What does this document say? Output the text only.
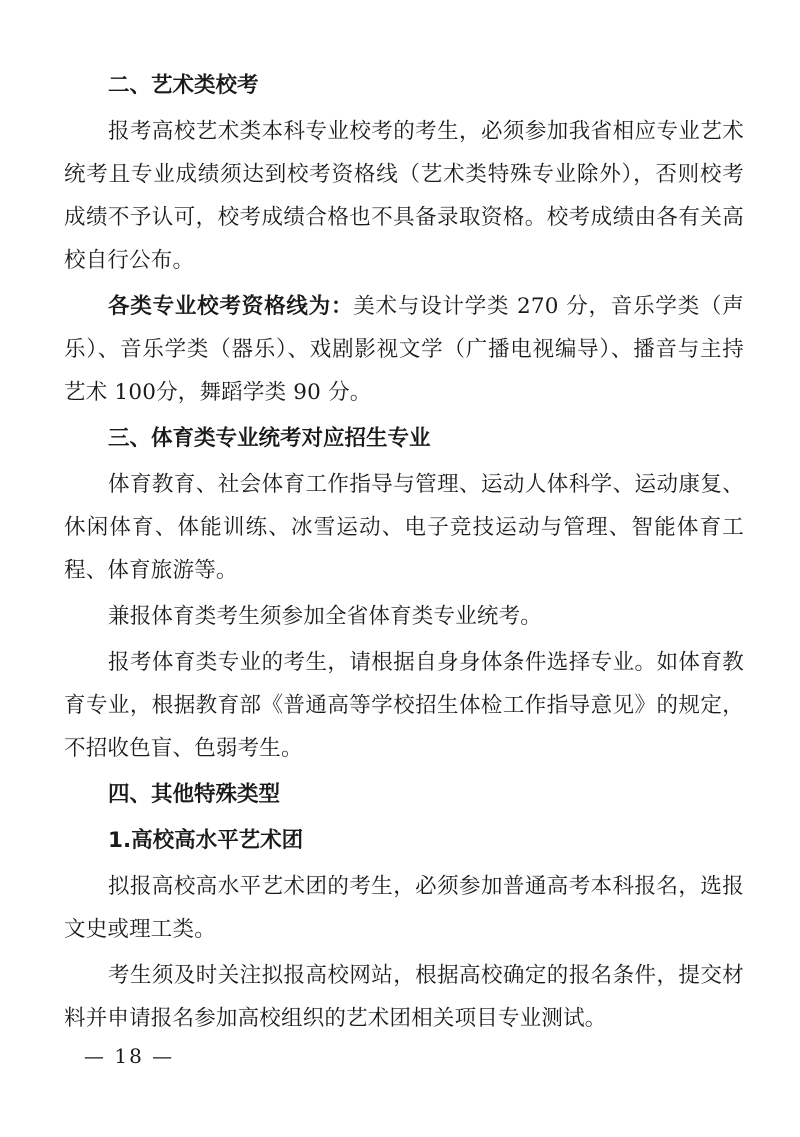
二、艺术类校考

报考高校艺术类本科专业校考的考生，必须参加我省相应专业艺术统考且专业成绩须达到校考资格线（艺术类特殊专业除外），否则校考成绩不予认可，校考成绩合格也不具备录取资格。校考成绩由各有关高校自行公布。

各类专业校考资格线为：美术与设计学类 270 分，音乐学类（声乐）、音乐学类（器乐）、戏剧影视文学（广播电视编导）、播音与主持艺术 100分，舞蹈学类 90 分。

三、体育类专业统考对应招生专业

体育教育、社会体育工作指导与管理、运动人体科学、运动康复、休闲体育、体能训练、冰雪运动、电子竞技运动与管理、智能体育工程、体育旅游等。

兼报体育类考生须参加全省体育类专业统考。

报考体育类专业的考生，请根据自身身体条件选择专业。如体育教育专业，根据教育部《普通高等学校招生体检工作指导意见》的规定，不招收色盲、色弱考生。

四、其他特殊类型

1.高校高水平艺术团

拟报高校高水平艺术团的考生，必须参加普通高考本科报名，选报文史或理工类。

考生须及时关注拟报高校网站，根据高校确定的报名条件，提交材料并申请报名参加高校组织的艺术团相关项目专业测试。

— 18 —
